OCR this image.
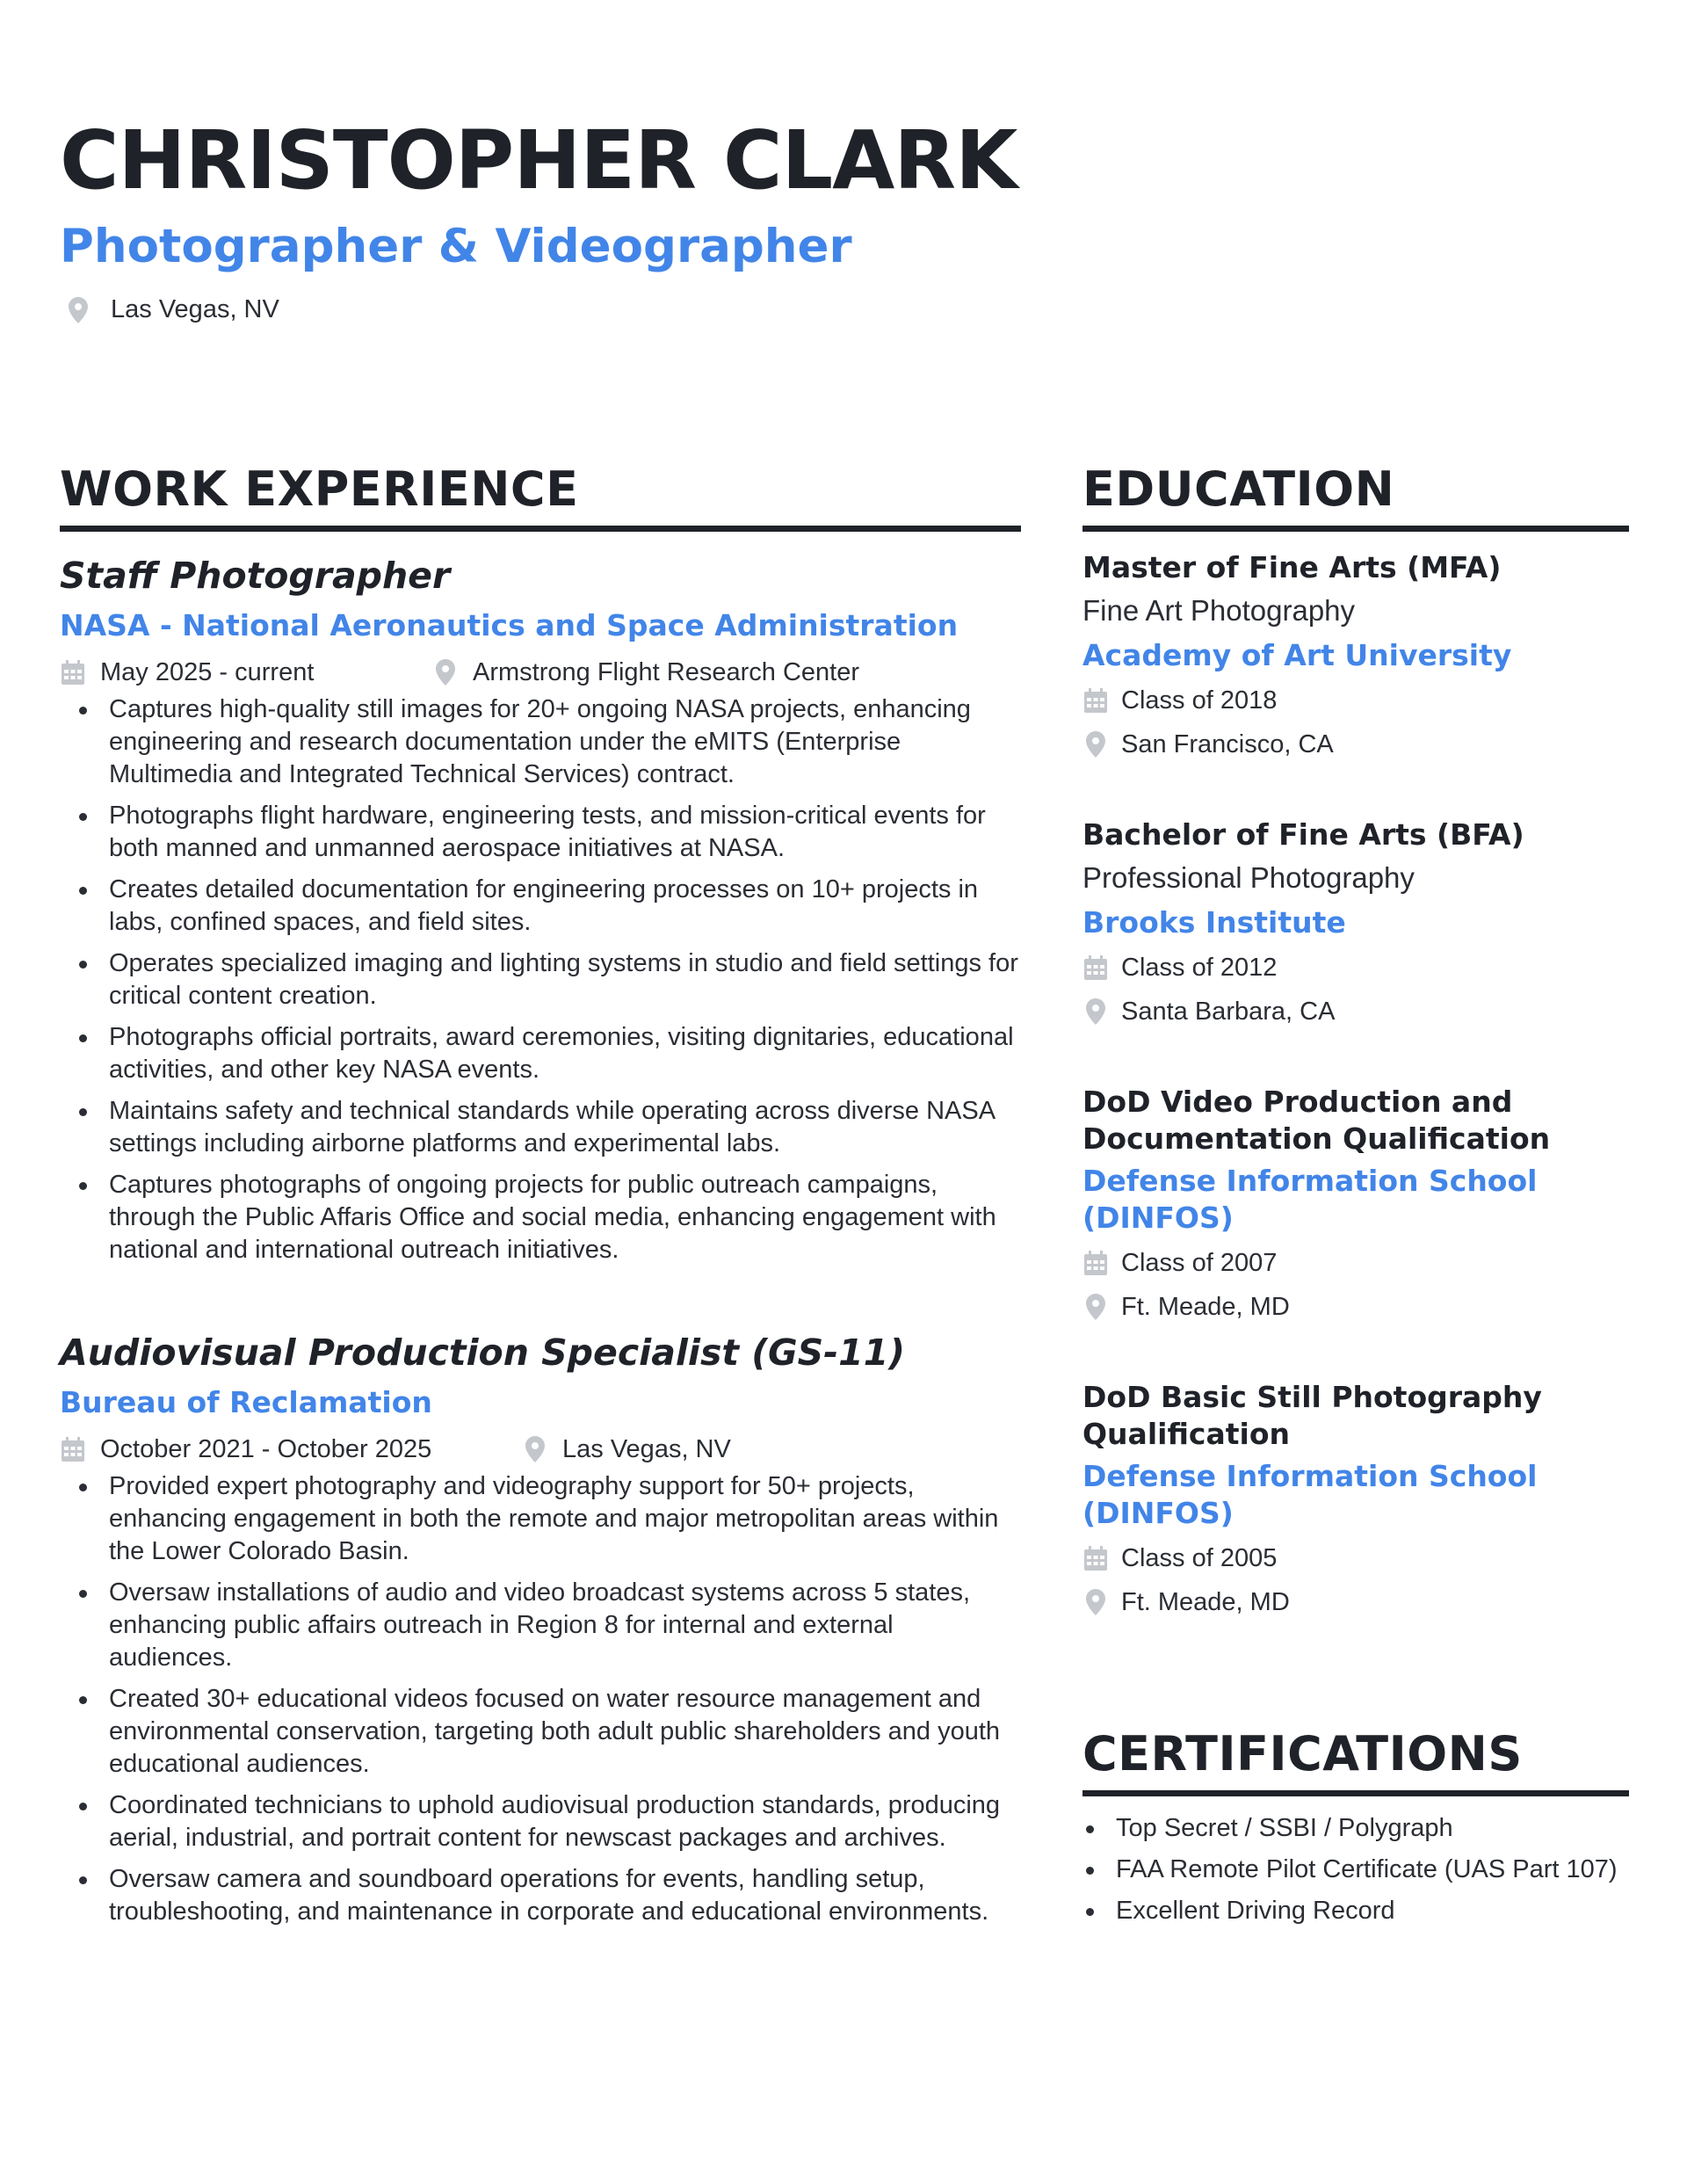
CHRISTOPHER CLARK
Photographer & Videographer
Las Vegas, NV
WORK EXPERIENCE
Staff Photographer
NASA - National Aeronautics and Space Administration
May 2025 - current	Armstrong Flight Research Center
Captures high-quality still images for 20+ ongoing NASA projects, enhancing engineering and research documentation under the eMITS (Enterprise Multimedia and Integrated Technical Services) contract.
Photographs flight hardware, engineering tests, and mission-critical events for both manned and unmanned aerospace initiatives at NASA.
Creates detailed documentation for engineering processes on 10+ projects in labs, confined spaces, and field sites.
Operates specialized imaging and lighting systems in studio and field settings for critical content creation.
Photographs official portraits, award ceremonies, visiting dignitaries, educational activities, and other key NASA events.
Maintains safety and technical standards while operating across diverse NASA settings including airborne platforms and experimental labs.
Captures photographs of ongoing projects for public outreach campaigns, through the Public Affaris Office and social media, enhancing engagement with national and international outreach initiatives.
Audiovisual Production Specialist (GS-11)
Bureau of Reclamation
October 2021 - October 2025	Las Vegas, NV
Provided expert photography and videography support for 50+ projects, enhancing engagement in both the remote and major metropolitan areas within the Lower Colorado Basin.
Oversaw installations of audio and video broadcast systems across 5 states, enhancing public affairs outreach in Region 8 for internal and external audiences.
Created 30+ educational videos focused on water resource management and environmental conservation, targeting both adult public shareholders and youth educational audiences.
Coordinated technicians to uphold audiovisual production standards, producing aerial, industrial, and portrait content for newscast packages and archives.
Oversaw camera and soundboard operations for events, handling setup, troubleshooting, and maintenance in corporate and educational environments.
EDUCATION
Master of Fine Arts (MFA)
Fine Art Photography
Academy of Art University
Class of 2018
San Francisco, CA
Bachelor of Fine Arts (BFA)
Professional Photography
Brooks Institute
Class of 2012
Santa Barbara, CA
DoD Video Production and Documentation Qualification
Defense Information School (DINFOS)
Class of 2007
Ft. Meade, MD
DoD Basic Still Photography Qualification
Defense Information School (DINFOS)
Class of 2005
Ft. Meade, MD
CERTIFICATIONS
Top Secret / SSBI / Polygraph
FAA Remote Pilot Certificate (UAS Part 107)
Excellent Driving Record
